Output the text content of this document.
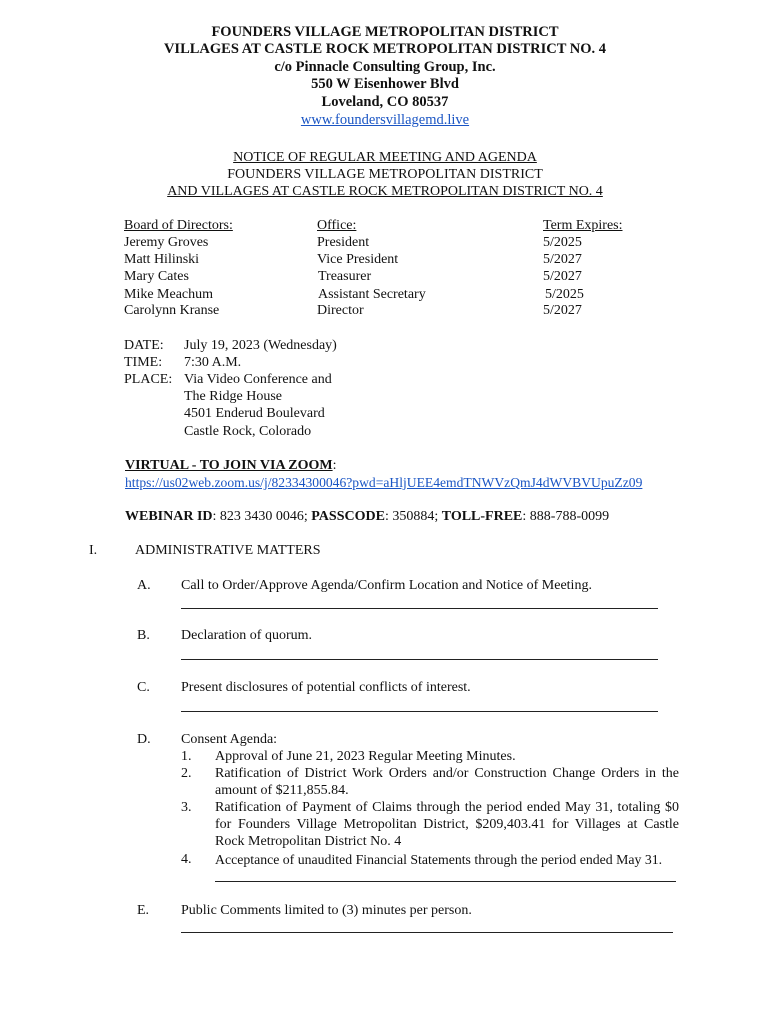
FOUNDERS VILLAGE METROPOLITAN DISTRICT
VILLAGES AT CASTLE ROCK METROPOLITAN DISTRICT NO. 4
c/o Pinnacle Consulting Group, Inc.
550 W Eisenhower Blvd
Loveland, CO 80537
www.foundersvillagemd.live
NOTICE OF REGULAR MEETING AND AGENDA
FOUNDERS VILLAGE METROPOLITAN DISTRICT
AND VILLAGES AT CASTLE ROCK METROPOLITAN DISTRICT NO. 4
Board of Directors:	Office:	Term Expires:
Jeremy Groves	President	5/2025
Matt Hilinski	Vice President	5/2027
Mary Cates	Treasurer	5/2027
Mike Meachum	Assistant Secretary	5/2025
Carolynn Kranse	Director	5/2027
DATE: July 19, 2023 (Wednesday)
TIME: 7:30 A.M.
PLACE: Via Video Conference and
The Ridge House
4501 Enderud Boulevard
Castle Rock, Colorado
VIRTUAL - TO JOIN VIA ZOOM:
https://us02web.zoom.us/j/82334300046?pwd=aHljUEE4emdTNWVzQmJ4dWVBVUpuZz09
WEBINAR ID: 823 3430 0046; PASSCODE: 350884; TOLL-FREE: 888-788-0099
I.	ADMINISTRATIVE MATTERS
A. Call to Order/Approve Agenda/Confirm Location and Notice of Meeting.
B. Declaration of quorum.
C. Present disclosures of potential conflicts of interest.
D. Consent Agenda:
1. Approval of June 21, 2023 Regular Meeting Minutes.
2. Ratification of District Work Orders and/or Construction Change Orders in the amount of $211,855.84.
3. Ratification of Payment of Claims through the period ended May 31, totaling $0 for Founders Village Metropolitan District, $209,403.41 for Villages at Castle Rock Metropolitan District No. 4
4. Acceptance of unaudited Financial Statements through the period ended May 31.
E. Public Comments limited to (3) minutes per person.
